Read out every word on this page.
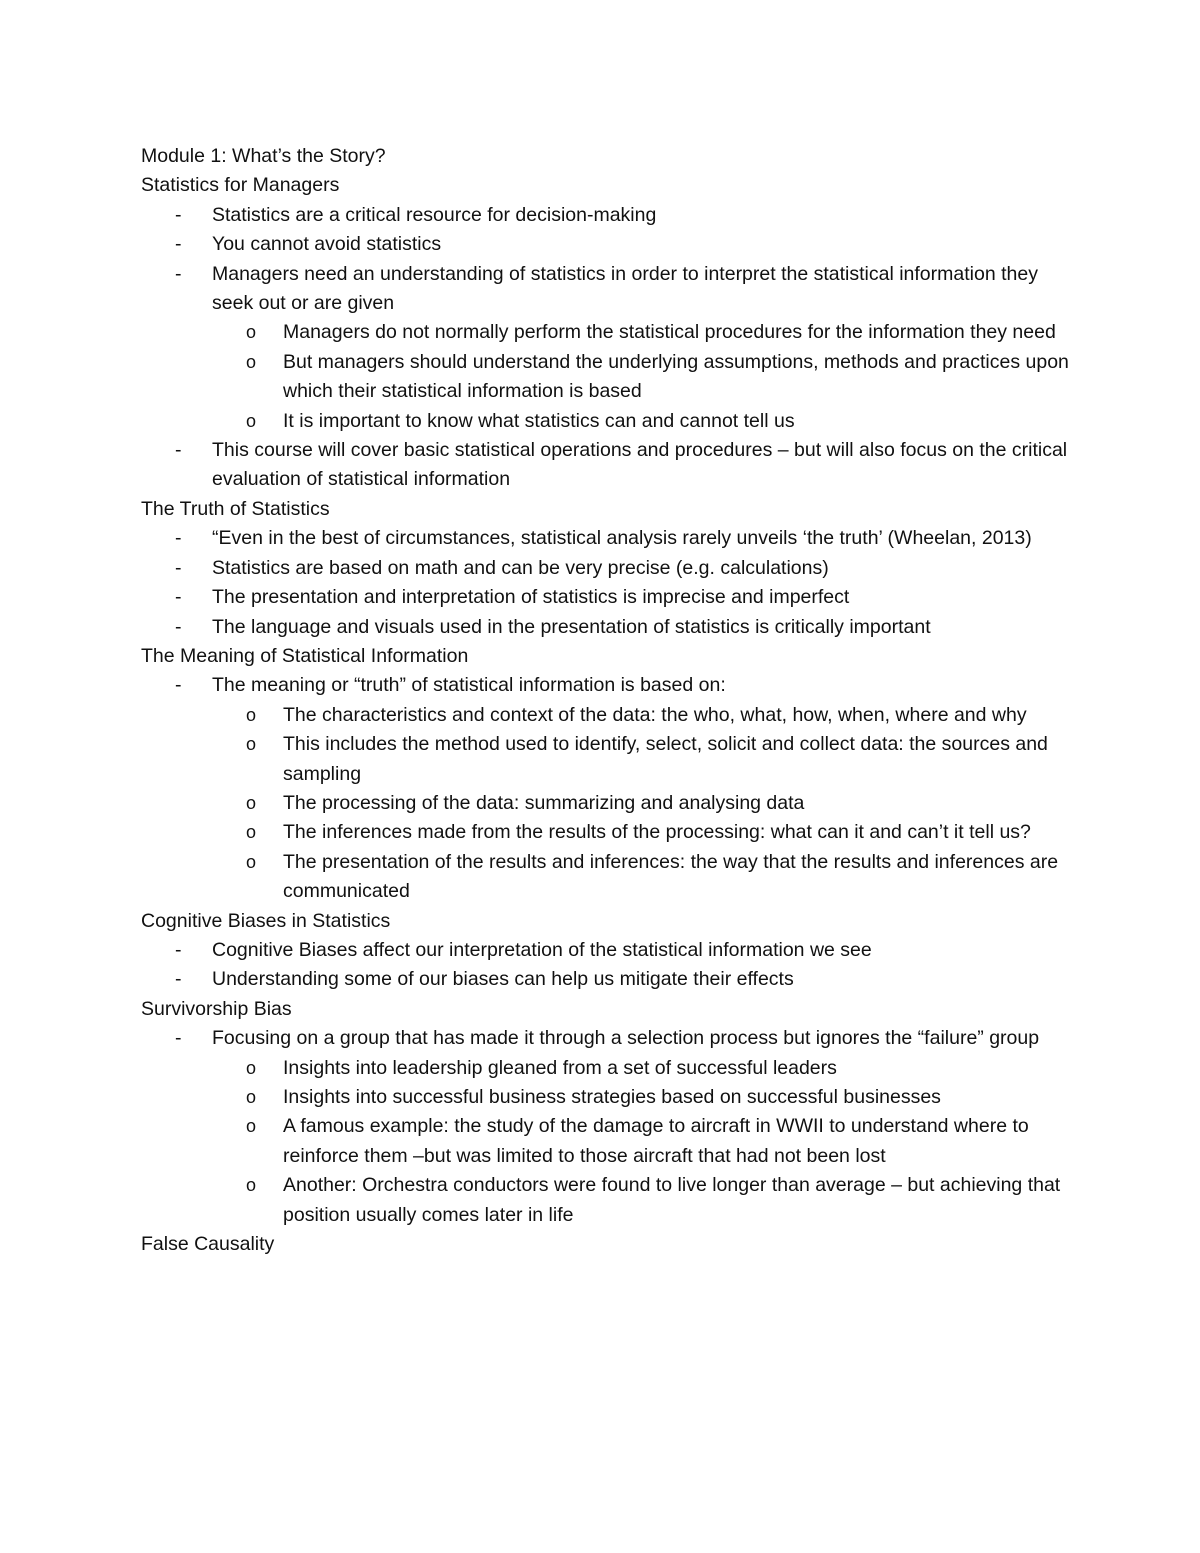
Module 1: What’s the Story?

Statistics for Managers

- Statistics are a critical resource for decision-making
- You cannot avoid statistics
- Managers need an understanding of statistics in order to interpret the statistical information they seek out or are given
o Managers do not normally perform the statistical procedures for the information they need
o But managers should understand the underlying assumptions, methods and practices upon which their statistical information is based
o It is important to know what statistics can and cannot tell us
- This course will cover basic statistical operations and procedures – but will also focus on the critical evaluation of statistical information

The Truth of Statistics

- “Even in the best of circumstances, statistical analysis rarely unveils ‘the truth’ (Wheelan, 2013)
- Statistics are based on math and can be very precise (e.g. calculations)
- The presentation and interpretation of statistics is imprecise and imperfect
- The language and visuals used in the presentation of statistics is critically important

The Meaning of Statistical Information

- The meaning or “truth” of statistical information is based on:
o The characteristics and context of the data: the who, what, how, when, where and why
o This includes the method used to identify, select, solicit and collect data: the sources and sampling
o The processing of the data: summarizing and analysing data
o The inferences made from the results of the processing: what can it and can’t it tell us?
o The presentation of the results and inferences: the way that the results and inferences are communicated

Cognitive Biases in Statistics

- Cognitive Biases affect our interpretation of the statistical information we see
- Understanding some of our biases can help us mitigate their effects

Survivorship Bias

- Focusing on a group that has made it through a selection process but ignores the “failure” group
o Insights into leadership gleaned from a set of successful leaders
o Insights into successful business strategies based on successful businesses
o A famous example: the study of the damage to aircraft in WWII to understand where to reinforce them –but was limited to those aircraft that had not been lost
o Another: Orchestra conductors were found to live longer than average – but achieving that position usually comes later in life

False Causality
